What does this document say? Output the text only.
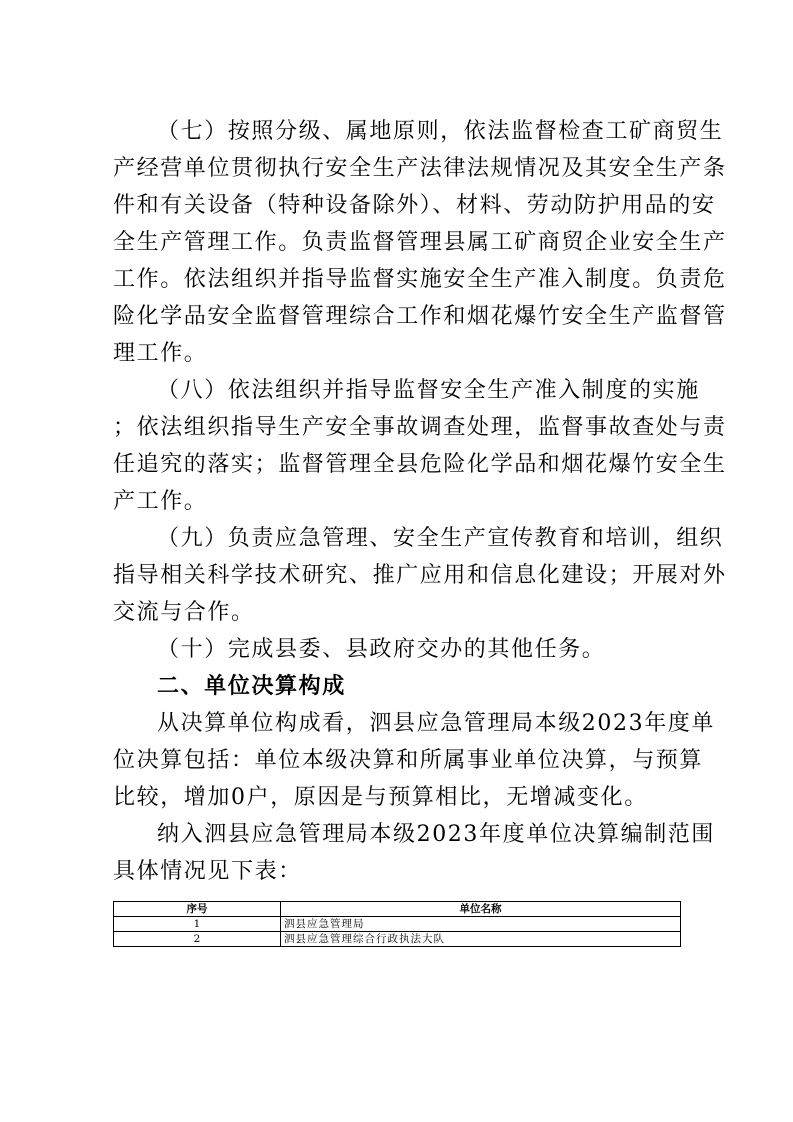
（七）按照分级、属地原则，依法监督检查工矿商贸生
产经营单位贯彻执行安全生产法律法规情况及其安全生产条
件和有关设备（特种设备除外）、材料、劳动防护用品的安
全生产管理工作。负责监督管理县属工矿商贸企业安全生产
工作。依法组织并指导监督实施安全生产准入制度。负责危
险化学品安全监督管理综合工作和烟花爆竹安全生产监督管
理工作。
（八）依法组织并指导监督安全生产准入制度的实施
；依法组织指导生产安全事故调查处理，监督事故查处与责
任追究的落实；监督管理全县危险化学品和烟花爆竹安全生
产工作。
（九）负责应急管理、安全生产宣传教育和培训，组织
指导相关科学技术研究、推广应用和信息化建设；开展对外
交流与合作。
（十）完成县委、县政府交办的其他任务。
二、单位决算构成
从决算单位构成看，泗县应急管理局本级2023年度单
位决算包括：单位本级决算和所属事业单位决算，与预算
比较，增加0户，原因是与预算相比，无增减变化。
纳入泗县应急管理局本级2023年度单位决算编制范围
具体情况见下表：
序号	单位名称
1	泗县应急管理局
2	泗县应急管理综合行政执法大队
